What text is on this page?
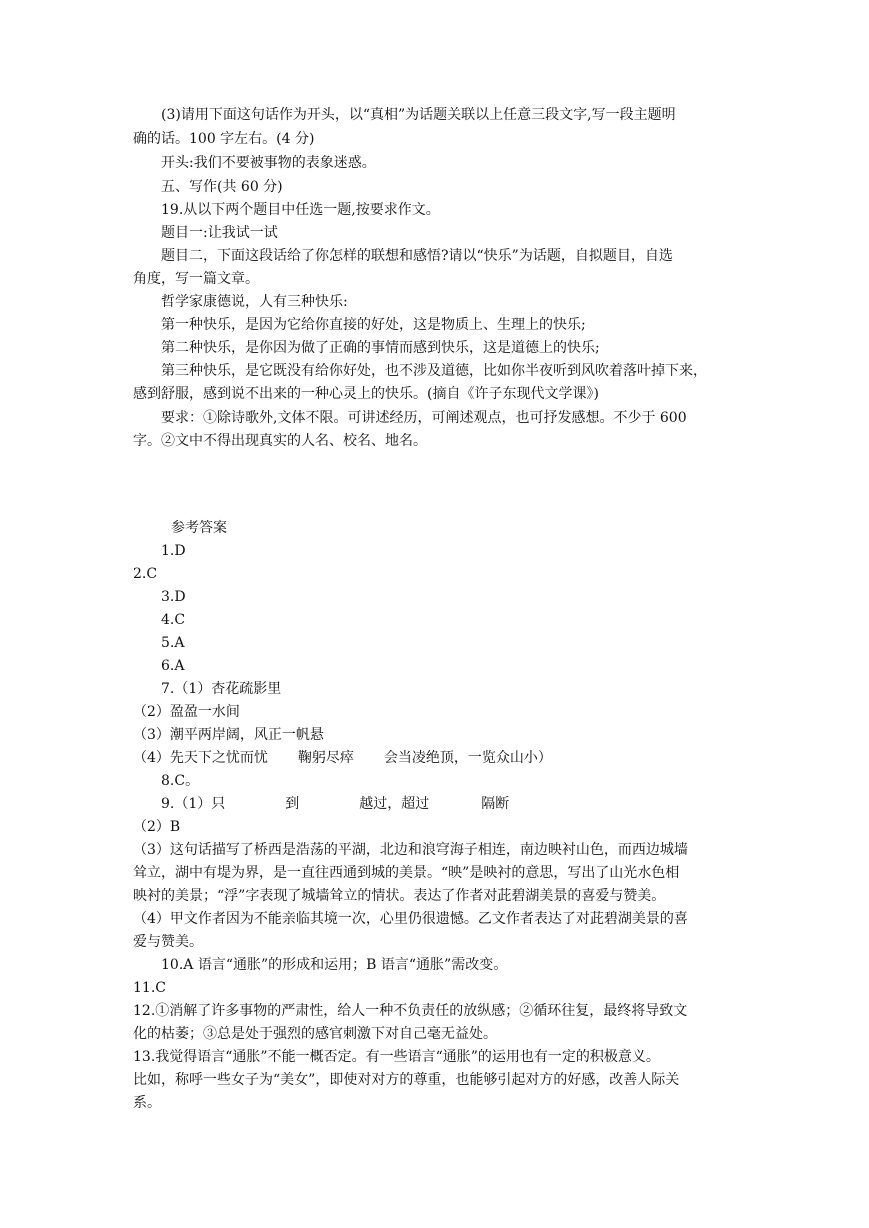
(3)请用下面这句话作为开头，以“真相”为话题关联以上任意三段文字,写一段主题明
确的话。100 字左右。(4 分)
开头:我们不要被事物的表象迷惑。
五、写作(共 60 分)
19.从以下两个题目中任选一题,按要求作文。
题目一:让我试一试
题目二，下面这段话给了你怎样的联想和感悟?请以“快乐”为话题，自拟题目，自选
角度，写一篇文章。
哲学家康德说，人有三种快乐:
第一种快乐，是因为它给你直接的好处，这是物质上、生理上的快乐;
第二种快乐，是你因为做了正确的事情而感到快乐，这是道德上的快乐;
第三种快乐，是它既没有给你好处，也不涉及道德，比如你半夜听到风吹着落叶掉下来，
感到舒服，感到说不出来的一种心灵上的快乐。(摘自《许子东现代文学课》)
要求：①除诗歌外,文体不限。可讲述经历，可阐述观点，也可抒发感想。不少于 600
字。②文中不得出现真实的人名、校名、地名。
参考答案
1.D
2.C
3.D
4.C
5.A
6.A
7.（1）杏花疏影里
（2）盈盈一水间
（3）潮平两岸阔，风正一帆悬
（4）先天下之忧而忧 鞠躬尽瘁 会当凌绝顶，一览众山小）
8.C。
9.（1）只	到	越过，超过	隔断
（2）B
（3）这句话描写了桥西是浩荡的平湖，北边和浪穹海子相连，南边映衬山色，而西边城墙
耸立，湖中有堤为界，是一直往西通到城的美景。“映”是映衬的意思，写出了山光水色相
映衬的美景；“浮”字表现了城墙耸立的情状。表达了作者对茈碧湖美景的喜爱与赞美。
（4）甲文作者因为不能亲临其境一次，心里仍很遗憾。乙文作者表达了对茈碧湖美景的喜
爱与赞美。
10.A 语言“通胀”的形成和运用；B 语言“通胀”需改变。
11.C
12.①消解了许多事物的严肃性，给人一种不负责任的放纵感；②循环往复，最终将导致文
化的枯萎；③总是处于强烈的感官刺激下对自己毫无益处。
13.我觉得语言“通胀”不能一概否定。有一些语言“通胀”的运用也有一定的积极意义。
比如，称呼一些女子为“美女”，即使对对方的尊重，也能够引起对方的好感，改善人际关
系。
